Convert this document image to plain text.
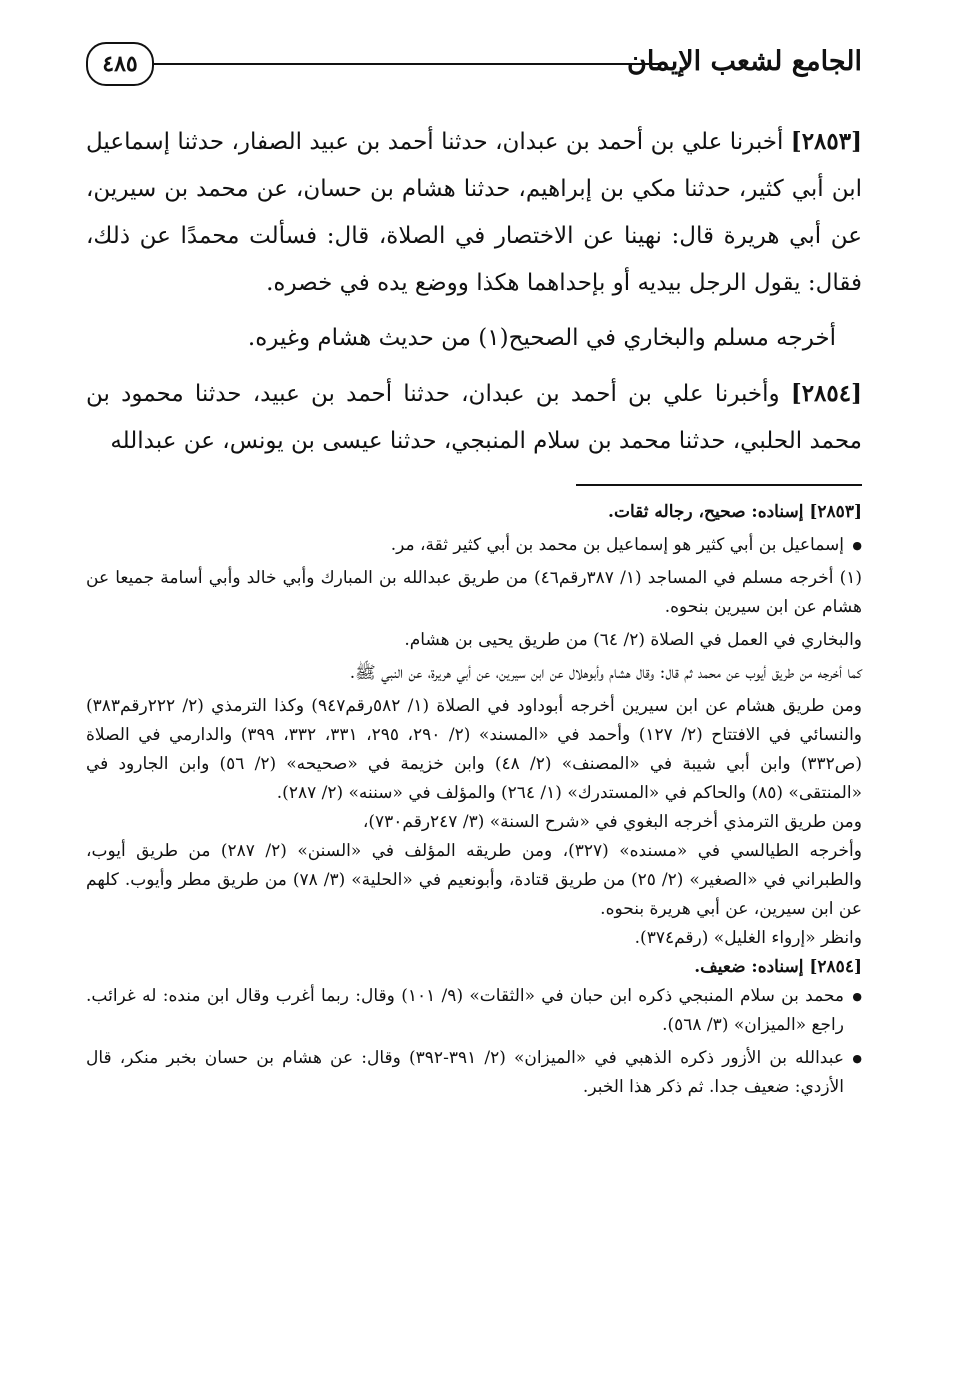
٤٨٥	الجامع لشعب الإيمان

[٢٨٥٣] أخبرنا علي بن أحمد بن عبدان، حدثنا أحمد بن عبيد الصفار، حدثنا إسماعيل ابن أبي كثير، حدثنا مكي بن إبراهيم، حدثنا هشام بن حسان، عن محمد بن سيرين، عن أبي هريرة قال: نهينا عن الاختصار في الصلاة، قال: فسألت محمدًا عن ذلك، فقال: يقول الرجل بيديه أو بإحداهما هكذا ووضع يده في خصره.

أخرجه مسلم والبخاري في الصحيح(١) من حديث هشام وغيره.

[٢٨٥٤] وأخبرنا علي بن أحمد بن عبدان، حدثنا أحمد بن عبيد، حدثنا محمود بن محمد الحلبي، حدثنا محمد بن سلام المنبجي، حدثنا عيسى بن يونس، عن عبدالله

[٢٨٥٣] إسناده: صحيح، رجاله ثقات.

● إسماعيل بن أبي كثير هو إسماعيل بن محمد بن أبي كثير ثقة، مر.

(١) أخرجه مسلم في المساجد (١/ ٣٨٧رقم٤٦) من طريق عبدالله بن المبارك وأبي خالد وأبي أسامة جميعا عن هشام عن ابن سيرين بنحوه.

والبخاري في العمل في الصلاة (٢/ ٦٤) من طريق يحيى بن هشام.

كما أخرجه من طريق أيوب عن محمد ثم قال: وقال هشام وأبوهلال عن ابن سيرين، عن أبي هريرة، عن النبي ﷺ.

ومن طريق هشام عن ابن سيرين أخرجه أبوداود في الصلاة (١/ ٥٨٢رقم٩٤٧) وكذا الترمذي (٢/ ٢٢٢رقم٣٨٣) والنسائي في الافتتاح (٢/ ١٢٧) وأحمد في «المسند» (٢/ ٢٩٠، ٢٩٥، ٣٣١، ٣٣٢، ٣٩٩) والدارمي في الصلاة (ص٣٣٢) وابن أبي شيبة في «المصنف» (٢/ ٤٨) وابن خزيمة في «صحيحه» (٢/ ٥٦) وابن الجارود في «المنتقى» (٨٥) والحاكم في «المستدرك» (١/ ٢٦٤) والمؤلف في «سننه» (٢/ ٢٨٧).

ومن طريق الترمذي أخرجه البغوي في «شرح السنة» (٣/ ٢٤٧رقم٧٣٠)،

وأخرجه الطيالسي في «مسنده» (٣٢٧)، ومن طريقه المؤلف في «السنن» (٢/ ٢٨٧) من طريق أيوب، والطبراني في «الصغير» (٢/ ٢٥) من طريق قتادة، وأبونعيم في «الحلية» (٣/ ٧٨) من طريق مطر وأيوب. كلهم عن ابن سيرين، عن أبي هريرة بنحوه.

وانظر «إرواء الغليل» (رقم٣٧٤).

[٢٨٥٤] إسناده: ضعيف.

● محمد بن سلام المنبجي ذكره ابن حبان في «الثقات» (٩/ ١٠١) وقال: ربما أغرب وقال ابن منده: له غرائب. راجع «الميزان» (٣/ ٥٦٨).

● عبدالله بن الأزور ذكره الذهبي في «الميزان» (٢/ ٣٩١-٣٩٢) وقال: عن هشام بن حسان بخبر منكر، قال الأزدي: ضعيف جدا. ثم ذكر هذا الخبر.
